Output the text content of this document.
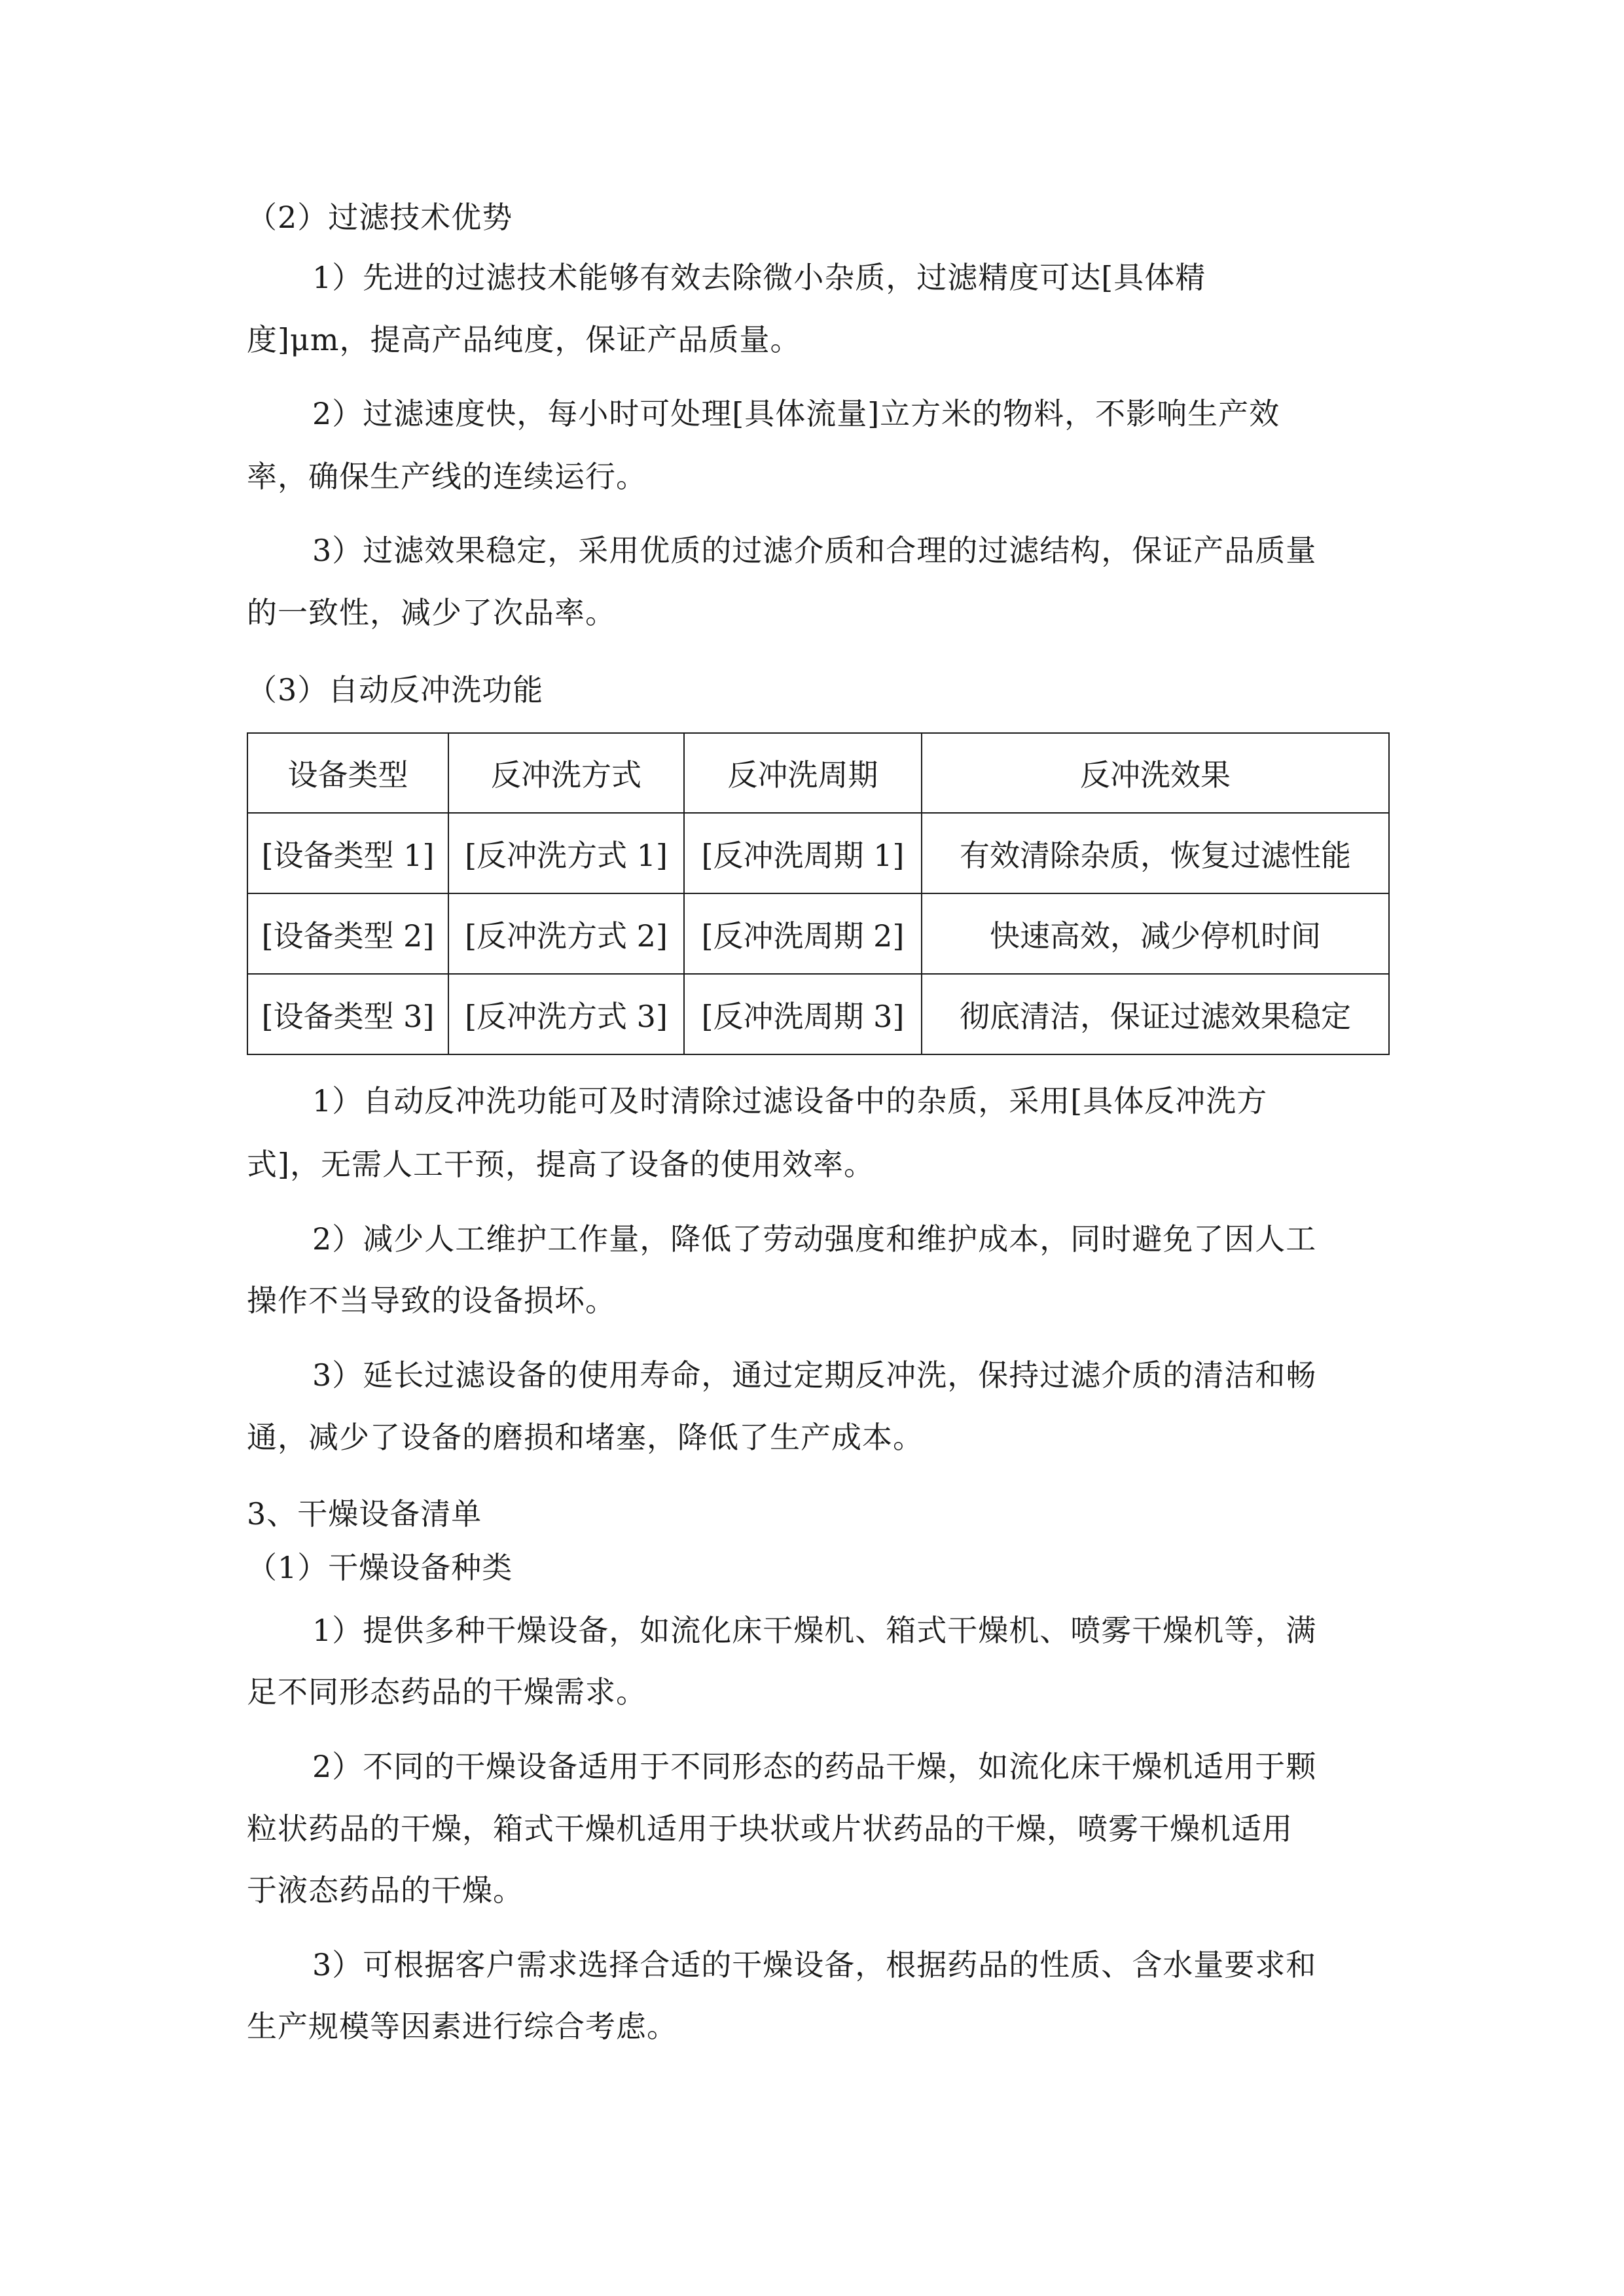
（2）过滤技术优势
1）先进的过滤技术能够有效去除微小杂质，过滤精度可达[具体精
度]μm，提高产品纯度，保证产品质量。
2）过滤速度快，每小时可处理[具体流量]立方米的物料，不影响生产效
率，确保生产线的连续运行。
3）过滤效果稳定，采用优质的过滤介质和合理的过滤结构，保证产品质量
的一致性，减少了次品率。
（3）自动反冲洗功能
设备类型	反冲洗方式	反冲洗周期	反冲洗效果
[设备类型 1]	[反冲洗方式 1]	[反冲洗周期 1]	有效清除杂质，恢复过滤性能
[设备类型 2]	[反冲洗方式 2]	[反冲洗周期 2]	快速高效，减少停机时间
[设备类型 3]	[反冲洗方式 3]	[反冲洗周期 3]	彻底清洁，保证过滤效果稳定
1）自动反冲洗功能可及时清除过滤设备中的杂质，采用[具体反冲洗方
式]，无需人工干预，提高了设备的使用效率。
2）减少人工维护工作量，降低了劳动强度和维护成本，同时避免了因人工
操作不当导致的设备损坏。
3）延长过滤设备的使用寿命，通过定期反冲洗，保持过滤介质的清洁和畅
通，减少了设备的磨损和堵塞，降低了生产成本。
3、干燥设备清单
（1）干燥设备种类
1）提供多种干燥设备，如流化床干燥机、箱式干燥机、喷雾干燥机等，满
足不同形态药品的干燥需求。
2）不同的干燥设备适用于不同形态的药品干燥，如流化床干燥机适用于颗
粒状药品的干燥，箱式干燥机适用于块状或片状药品的干燥，喷雾干燥机适用
于液态药品的干燥。
3）可根据客户需求选择合适的干燥设备，根据药品的性质、含水量要求和
生产规模等因素进行综合考虑。
